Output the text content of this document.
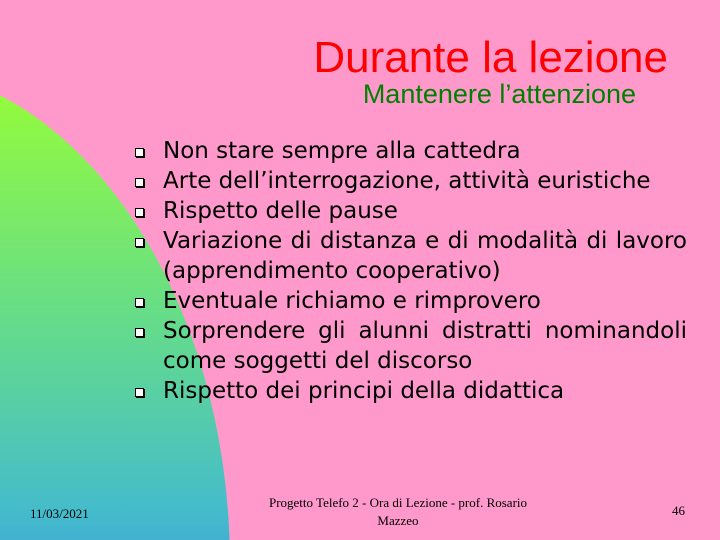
Durante la lezione
Mantenere l’attenzione
Non stare sempre alla cattedra
Arte dell’interrogazione, attività euristiche
Rispetto delle pause
Variazione di distanza e di modalità di lavoro (apprendimento cooperativo)
Eventuale richiamo e rimprovero
Sorprendere gli alunni distratti nominandoli come soggetti del discorso
Rispetto dei principi della didattica
11/03/2021
Progetto Telefo 2 - Ora di Lezione - prof. Rosario Mazzeo
46
